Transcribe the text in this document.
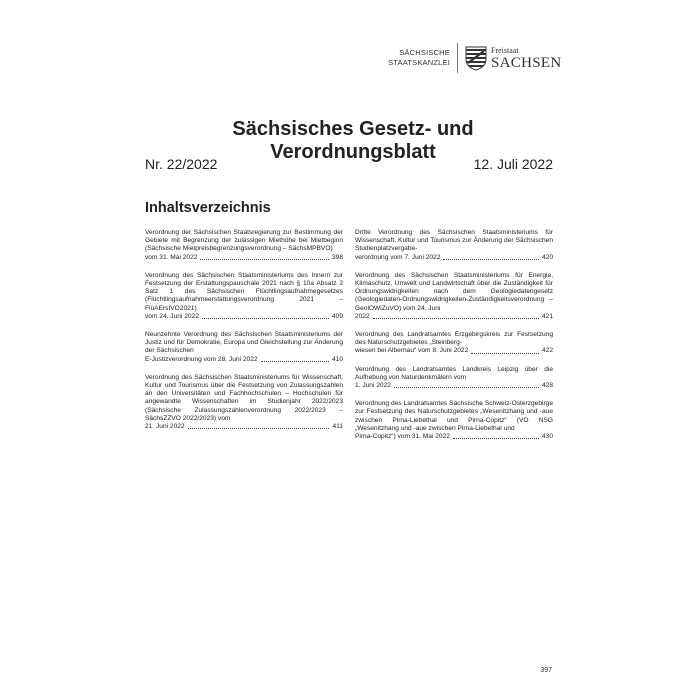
SÄCHSISCHE
STAATSKANZLEI
Freistaat
SACHSEN
Sächsisches Gesetz- und Verordnungsblatt
Nr. 22/2022	12. Juli 2022
Inhaltsverzeichnis
Verordnung der Sächsischen Staatsregierung zur Bestimmung der Gebiete mit Begrenzung der zulässigen Miethöhe bei Mietbeginn (Sächsische Mietpreisbegrenzungsverordnung – SächsMPBVO)
vom 31. Mai 2022	398
Verordnung des Sächsischen Staatsministeriums des Innern zur Festsetzung der Erstattungspauschale 2021 nach § 10a Absatz 2 Satz 1 des Sächsischen Flüchtlingsaufnahmegesetzes (Flüchtlingsaufnahmeerstattungsverordnung 2021 – FlüAErstVO2021)
vom 24. Juni 2022	409
Neunzehnte Verordnung des Sächsischen Staatsministeriums der Justiz und für Demokratie, Europa und Gleichstellung zur Änderung der Sächsischen
E-Justizverordnung vom 28. Juni 2022	410
Verordnung des Sächsischen Staatsministeriums für Wissenschaft, Kultur und Tourismus über die Festsetzung von Zulassungszahlen an den Universitäten und Fachhochschulen – Hochschulen für angewandte Wissenschaften im Studienjahr 2022/2023 (Sächsische Zulassungszahlenverordnung 2022/2023 – SächsZZVO 2022/2023) vom
21. Juni 2022	411
Dritte Verordnung des Sächsischen Staatsministeriums für Wissenschaft, Kultur und Tourismus zur Änderung der Sächsischen Studienplatzvergabe-
verordnung vom 7. Juni 2022	420
Verordnung des Sächsischen Staatsministeriums für Energie, Klimaschutz, Umwelt und Landwirtschaft über die Zuständigkeit für Ordnungswidrigkeiten nach dem Geologiedatengesetz (Geologiedaten-Ordnungswidrigkeiten-Zuständigkeitsverordnung – GeolOWiZuVO) vom 24. Juni
2022	421
Verordnung des Landratsamtes Erzgebirgskreis zur Festsetzung des Naturschutzgebietes „Steinberg-
wiesen bei Albernau“ vom 8. Juni 2022	422
Verordnung des Landratsamtes Landkreis Leipzig über die Aufhebung von Naturdenkmälern vom
1. Juni 2022	428
Verordnung des Landratsamtes Sächsische Schweiz-Osterzgebirge zur Festsetzung des Naturschutzgebietes „Wesenitzhang und -aue zwischen Pirna-Liebethal und Pirna-Copitz“ (VO NSG „Wesenitzhang und -aue zwischen Pirna-Liebethal und
Pirna-Copitz“) vom 31. Mai 2022	430
397
